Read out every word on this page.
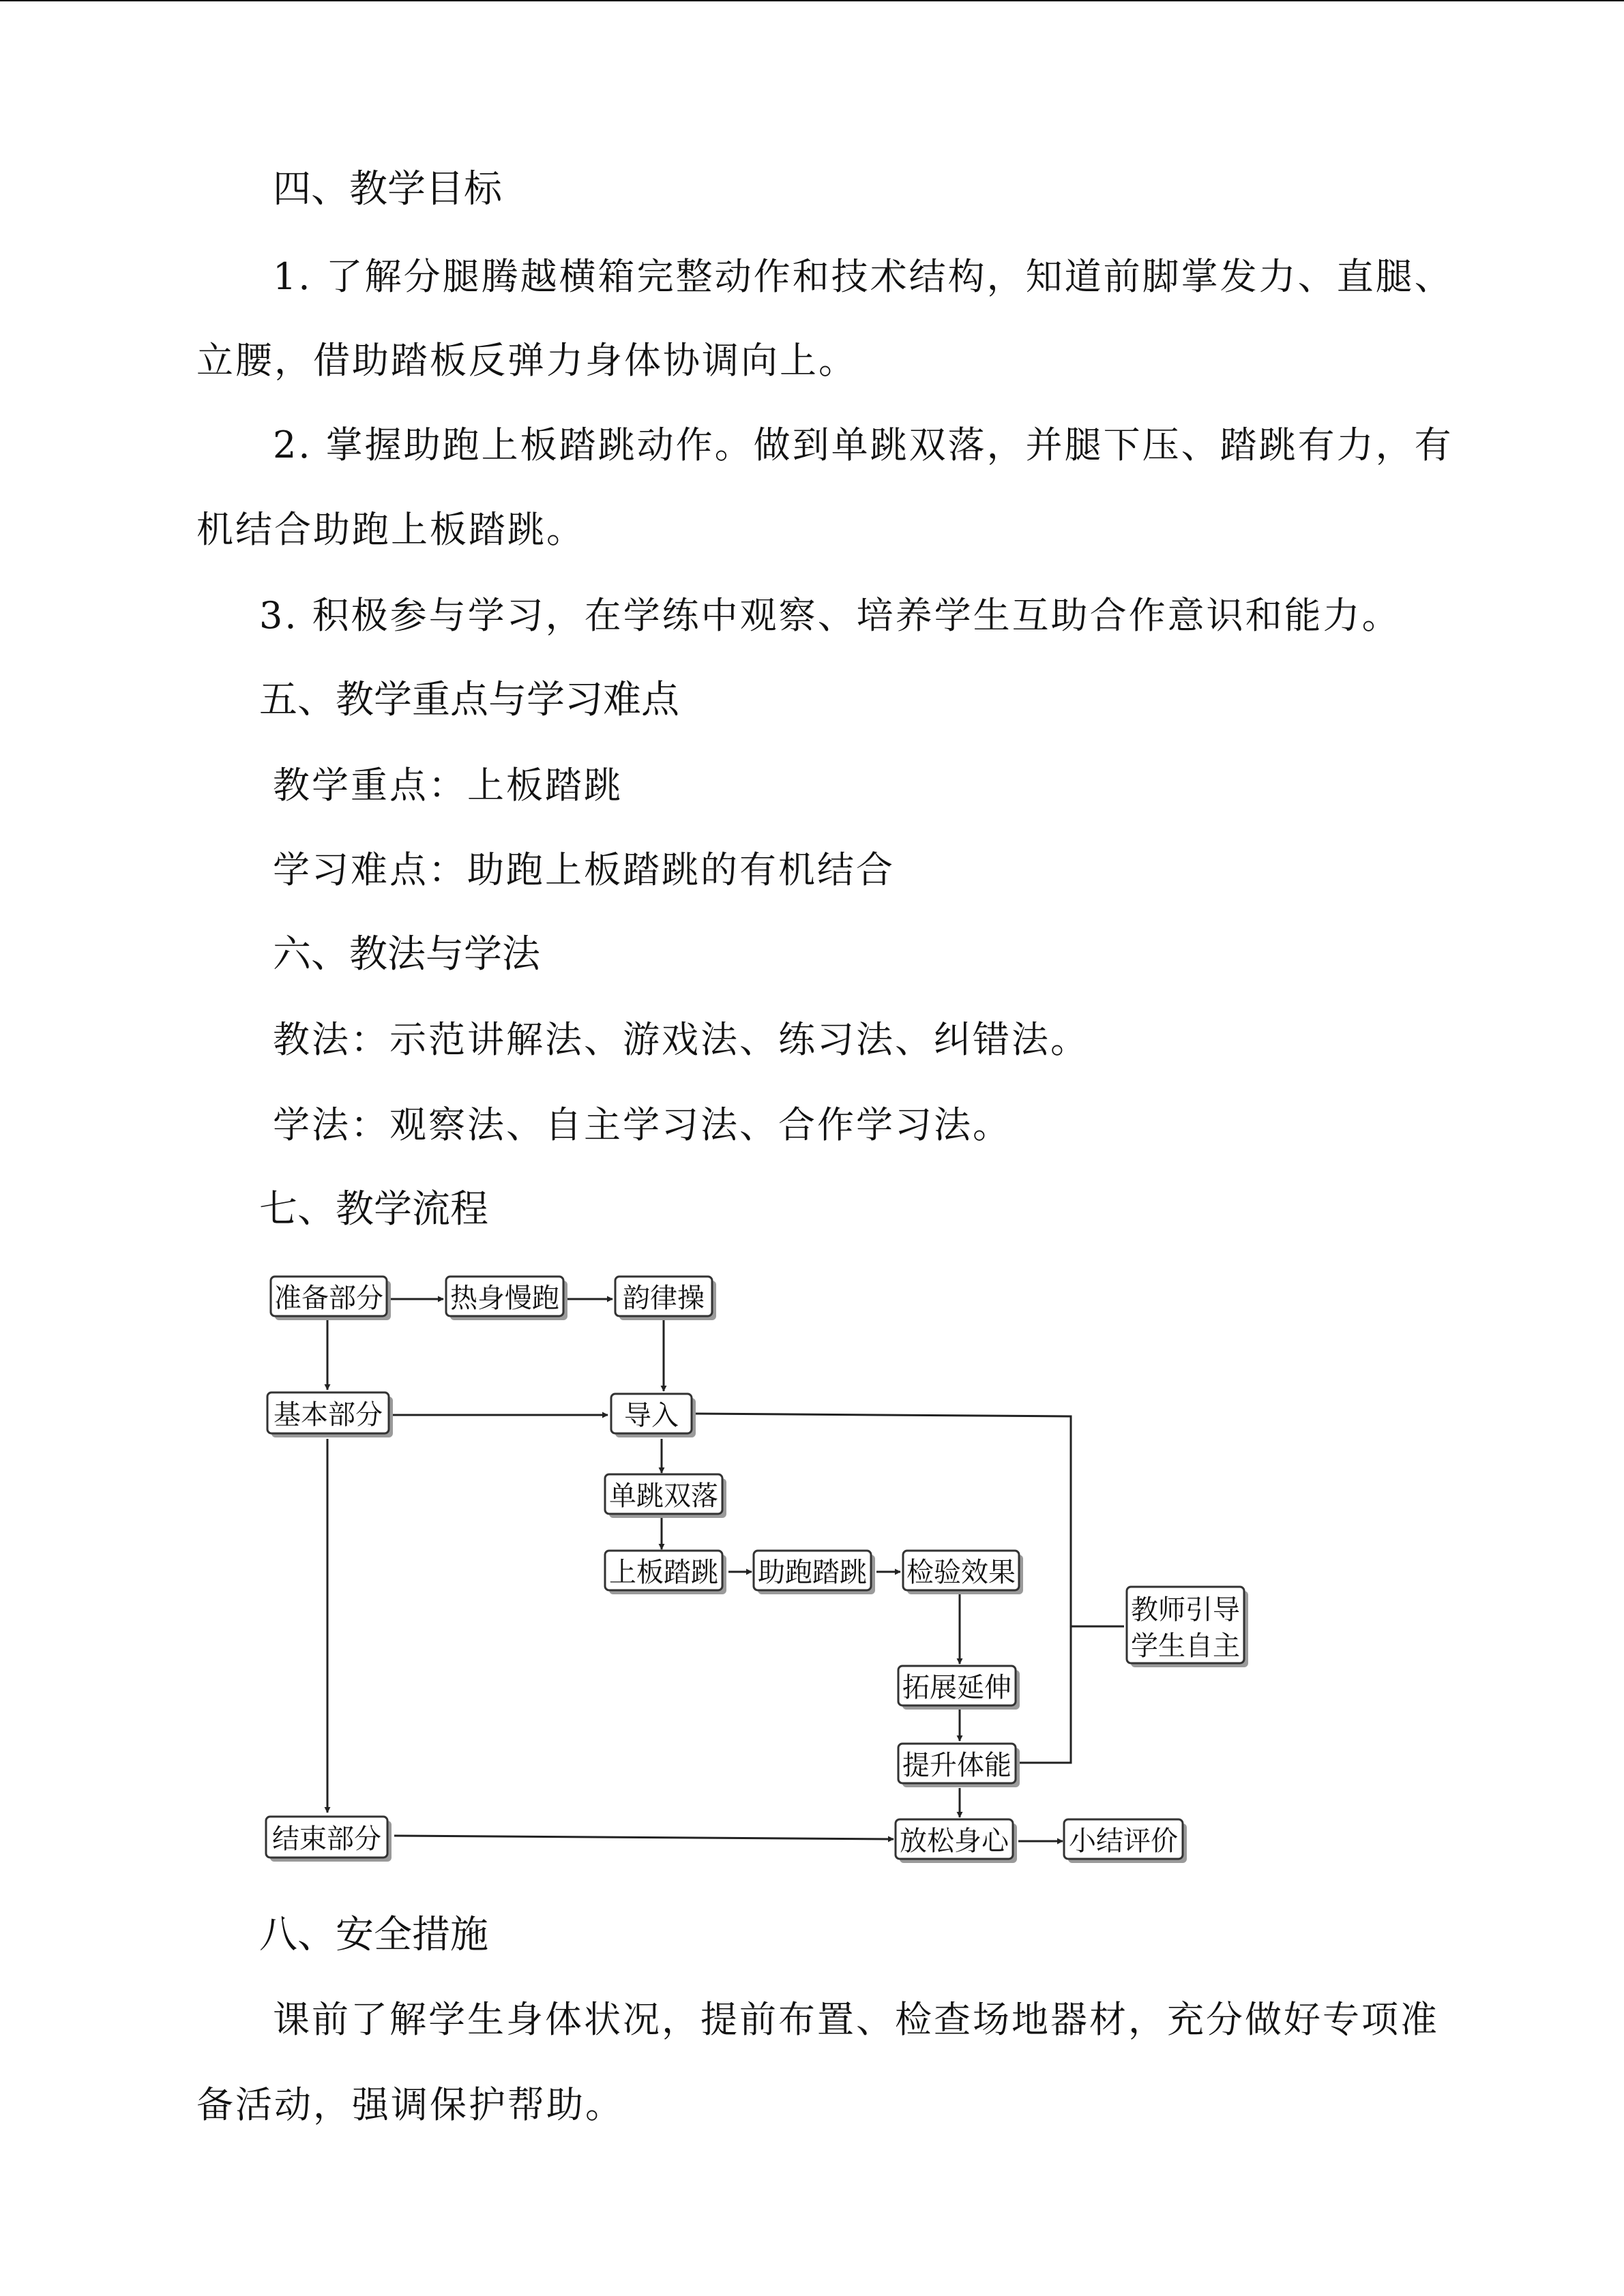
四、教学目标

1. 了解分腿腾越横箱完整动作和技术结构，知道前脚掌发力、直腿、

立腰，借助踏板反弹力身体协调向上。

2. 掌握助跑上板踏跳动作。做到单跳双落，并腿下压、踏跳有力，有

机结合助跑上板踏跳。

3. 积极参与学习，在学练中观察、培养学生互助合作意识和能力。

五、教学重点与学习难点

教学重点：上板踏跳

学习难点：助跑上板踏跳的有机结合

六、教法与学法

教法：示范讲解法、游戏法、练习法、纠错法。

学法：观察法、自主学习法、合作学习法。

七、教学流程

准备部分 热身慢跑 韵律操
基本部分	导入
单跳双落
上板踏跳 助跑踏跳 检验效果
拓展延伸
提升体能
教师引导
学生自主
结束部分	放松身心 小结评价

八、安全措施

课前了解学生身体状况，提前布置、检查场地器材，充分做好专项准

备活动，强调保护帮助。
